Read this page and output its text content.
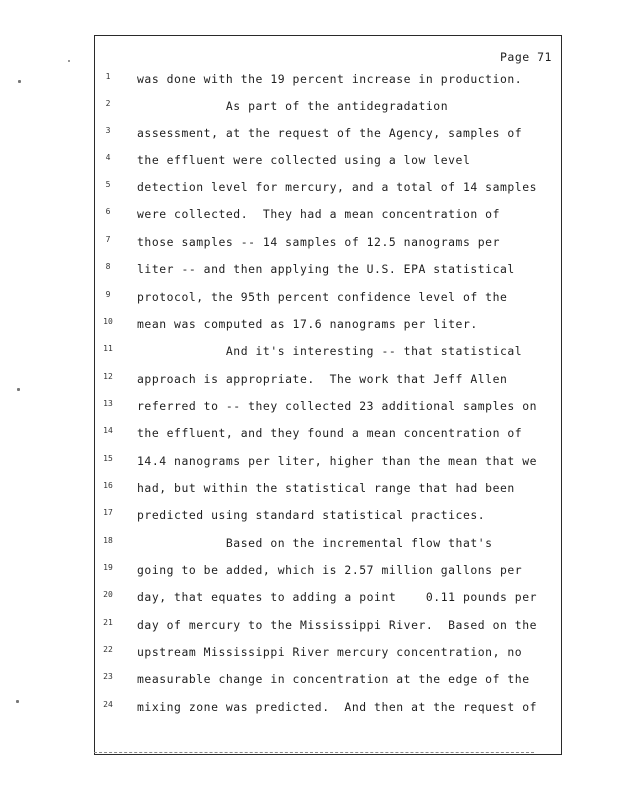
Page 71
1
2
3
4
5
6
7
8
9
10
11
12
13
14
15
16
17
18
19
20
21
22
23
24
was done with the 19 percent increase in production.
As part of the antidegradation
assessment, at the request of the Agency, samples of
the effluent were collected using a low level
detection level for mercury, and a total of 14 samples
were collected.  They had a mean concentration of
those samples -- 14 samples of 12.5 nanograms per
liter -- and then applying the U.S. EPA statistical
protocol, the 95th percent confidence level of the
mean was computed as 17.6 nanograms per liter.
And it's interesting -- that statistical
approach is appropriate.  The work that Jeff Allen
referred to -- they collected 23 additional samples on
the effluent, and they found a mean concentration of
14.4 nanograms per liter, higher than the mean that we
had, but within the statistical range that had been
predicted using standard statistical practices.
Based on the incremental flow that's
going to be added, which is 2.57 million gallons per
day, that equates to adding a point    0.11 pounds per
day of mercury to the Mississippi River.  Based on the
upstream Mississippi River mercury concentration, no
measurable change in concentration at the edge of the
mixing zone was predicted.  And then at the request of
